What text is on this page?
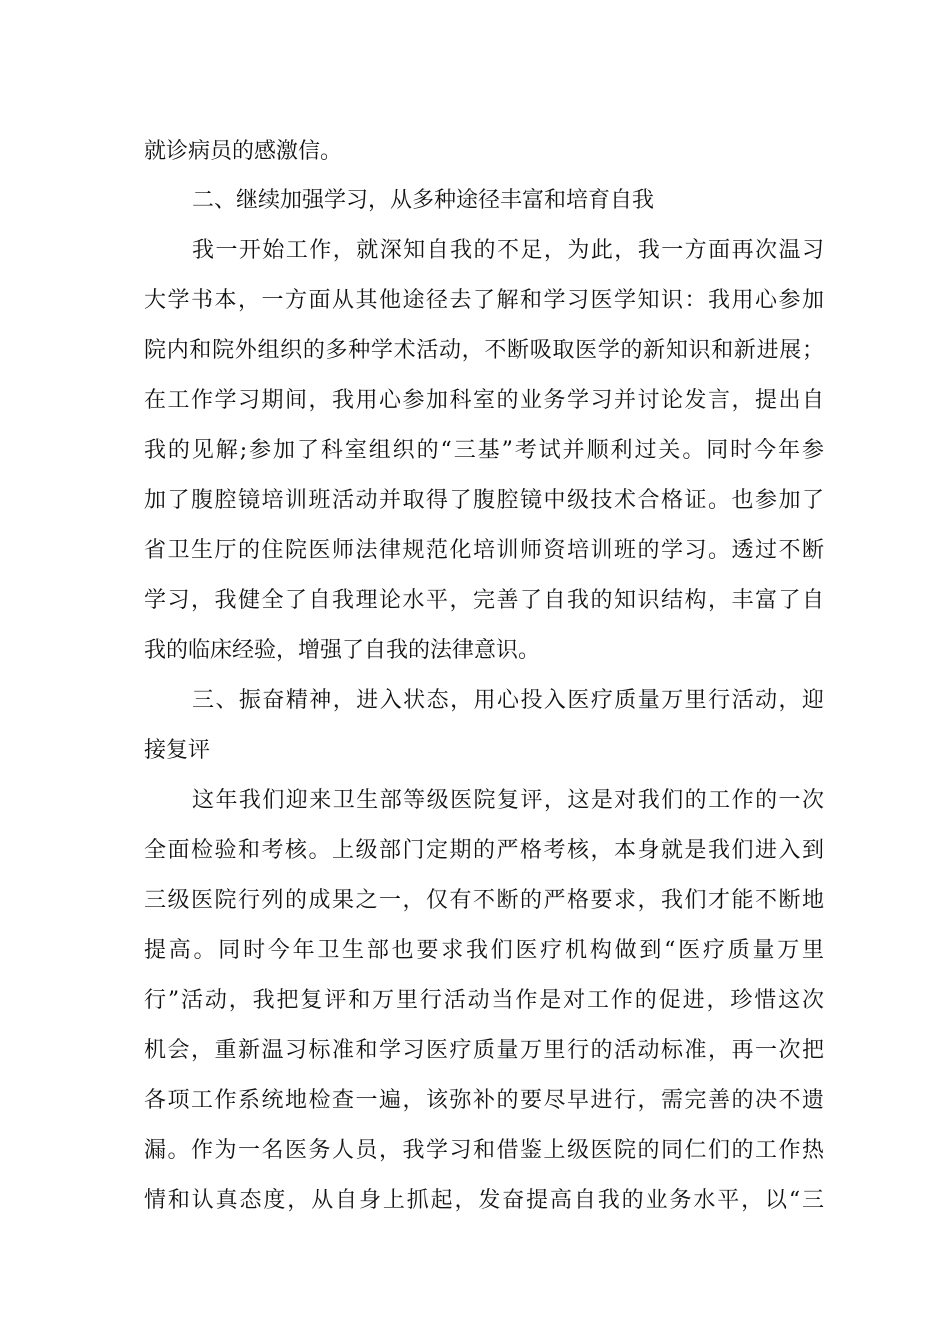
就诊病员的感激信。
二、继续加强学习，从多种途径丰富和培育自我
我一开始工作，就深知自我的不足，为此，我一方面再次温习
大学书本，一方面从其他途径去了解和学习医学知识：我用心参加
院内和院外组织的多种学术活动，不断吸取医学的新知识和新进展；
在工作学习期间，我用心参加科室的业务学习并讨论发言，提出自
我的见解;参加了科室组织的“三基”考试并顺利过关。同时今年参
加了腹腔镜培训班活动并取得了腹腔镜中级技术合格证。也参加了
省卫生厅的住院医师法律规范化培训师资培训班的学习。透过不断
学习，我健全了自我理论水平，完善了自我的知识结构，丰富了自
我的临床经验，增强了自我的法律意识。
三、振奋精神，进入状态，用心投入医疗质量万里行活动，迎
接复评
这年我们迎来卫生部等级医院复评，这是对我们的工作的一次
全面检验和考核。上级部门定期的严格考核，本身就是我们进入到
三级医院行列的成果之一，仅有不断的严格要求，我们才能不断地
提高。同时今年卫生部也要求我们医疗机构做到“医疗质量万里
行”活动，我把复评和万里行活动当作是对工作的促进，珍惜这次
机会，重新温习标准和学习医疗质量万里行的活动标准，再一次把
各项工作系统地检查一遍，该弥补的要尽早进行，需完善的决不遗
漏。作为一名医务人员，我学习和借鉴上级医院的同仁们的工作热
情和认真态度，从自身上抓起，发奋提高自我的业务水平，以“三
